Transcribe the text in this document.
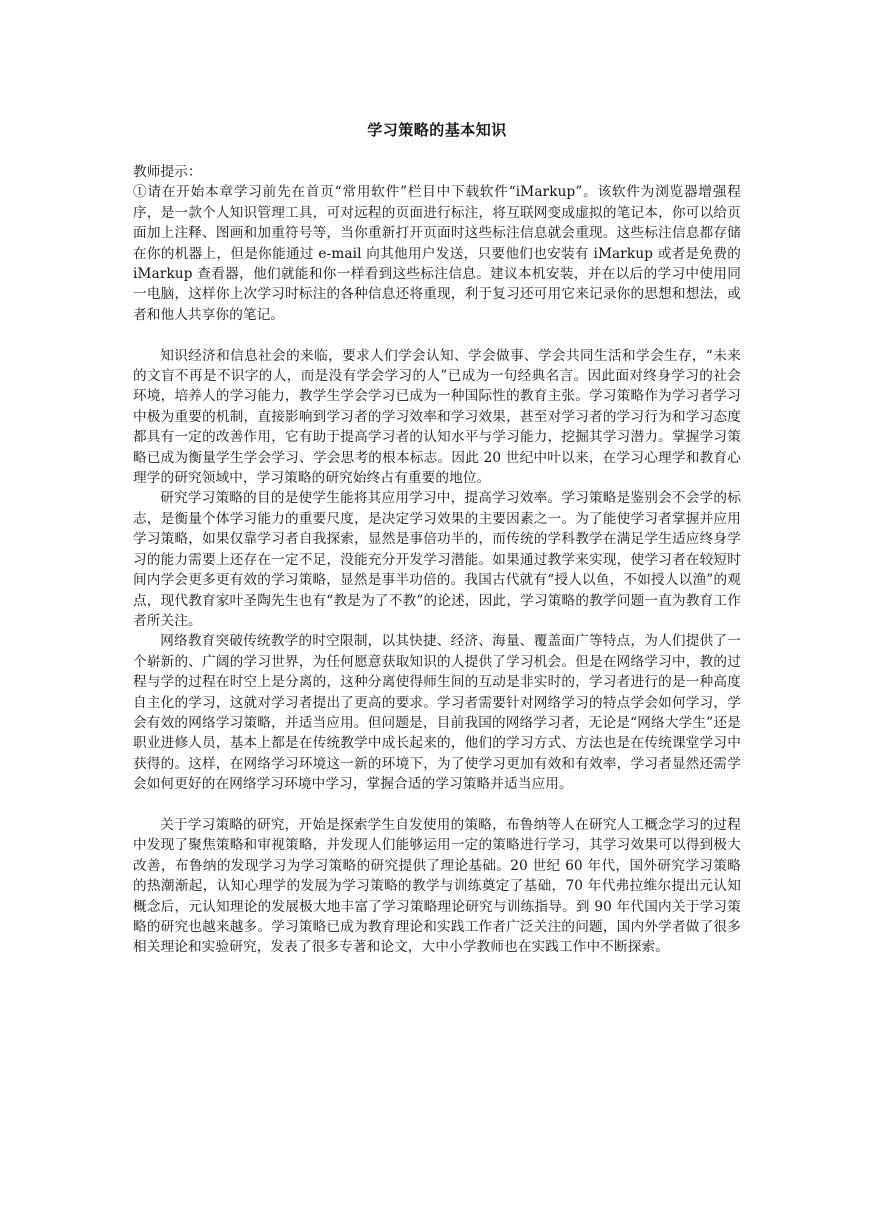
学习策略的基本知识

教师提示：

①请在开始本章学习前先在首页“常用软件”栏目中下载软件“iMarkup”。该软件为浏览器增强程序，是一款个人知识管理工具，可对远程的页面进行标注，将互联网变成虚拟的笔记本，你可以给页面加上注释、图画和加重符号等，当你重新打开页面时这些标注信息就会重现。这些标注信息都存储在你的机器上，但是你能通过 e-mail 向其他用户发送，只要他们也安装有 iMarkup 或者是免费的 iMarkup 查看器，他们就能和你一样看到这些标注信息。建议本机安装，并在以后的学习中使用同一电脑，这样你上次学习时标注的各种信息还将重现，利于复习还可用它来记录你的思想和想法，或者和他人共享你的笔记。

知识经济和信息社会的来临，要求人们学会认知、学会做事、学会共同生活和学会生存，“未来的文盲不再是不识字的人，而是没有学会学习的人”已成为一句经典名言。因此面对终身学习的社会环境，培养人的学习能力，教学生学会学习已成为一种国际性的教育主张。学习策略作为学习者学习中极为重要的机制，直接影响到学习者的学习效率和学习效果，甚至对学习者的学习行为和学习态度都具有一定的改善作用，它有助于提高学习者的认知水平与学习能力，挖掘其学习潜力。掌握学习策略已成为衡量学生学会学习、学会思考的根本标志。因此 20 世纪中叶以来，在学习心理学和教育心理学的研究领域中，学习策略的研究始终占有重要的地位。

研究学习策略的目的是使学生能将其应用学习中，提高学习效率。学习策略是鉴别会不会学的标志，是衡量个体学习能力的重要尺度，是决定学习效果的主要因素之一。为了能使学习者掌握并应用学习策略，如果仅靠学习者自我探索，显然是事倍功半的，而传统的学科教学在满足学生适应终身学习的能力需要上还存在一定不足，没能充分开发学习潜能。如果通过教学来实现，使学习者在较短时间内学会更多更有效的学习策略，显然是事半功倍的。我国古代就有“授人以鱼，不如授人以渔”的观点，现代教育家叶圣陶先生也有“教是为了不教”的论述，因此，学习策略的教学问题一直为教育工作者所关注。

网络教育突破传统教学的时空限制，以其快捷、经济、海量、覆盖面广等特点，为人们提供了一个崭新的、广阔的学习世界，为任何愿意获取知识的人提供了学习机会。但是在网络学习中，教的过程与学的过程在时空上是分离的，这种分离使得师生间的互动是非实时的，学习者进行的是一种高度自主化的学习，这就对学习者提出了更高的要求。学习者需要针对网络学习的特点学会如何学习，学会有效的网络学习策略，并适当应用。但问题是，目前我国的网络学习者，无论是“网络大学生”还是职业进修人员，基本上都是在传统教学中成长起来的，他们的学习方式、方法也是在传统课堂学习中获得的。这样，在网络学习环境这一新的环境下，为了使学习更加有效和有效率，学习者显然还需学会如何更好的在网络学习环境中学习，掌握合适的学习策略并适当应用。

关于学习策略的研究，开始是探索学生自发使用的策略，布鲁纳等人在研究人工概念学习的过程中发现了聚焦策略和审视策略，并发现人们能够运用一定的策略进行学习，其学习效果可以得到极大改善，布鲁纳的发现学习为学习策略的研究提供了理论基础。20 世纪 60 年代，国外研究学习策略的热潮渐起，认知心理学的发展为学习策略的教学与训练奠定了基础，70 年代弗拉维尔提出元认知概念后，元认知理论的发展极大地丰富了学习策略理论研究与训练指导。到 90 年代国内关于学习策略的研究也越来越多。学习策略已成为教育理论和实践工作者广泛关注的问题，国内外学者做了很多相关理论和实验研究，发表了很多专著和论文，大中小学教师也在实践工作中不断探索。
